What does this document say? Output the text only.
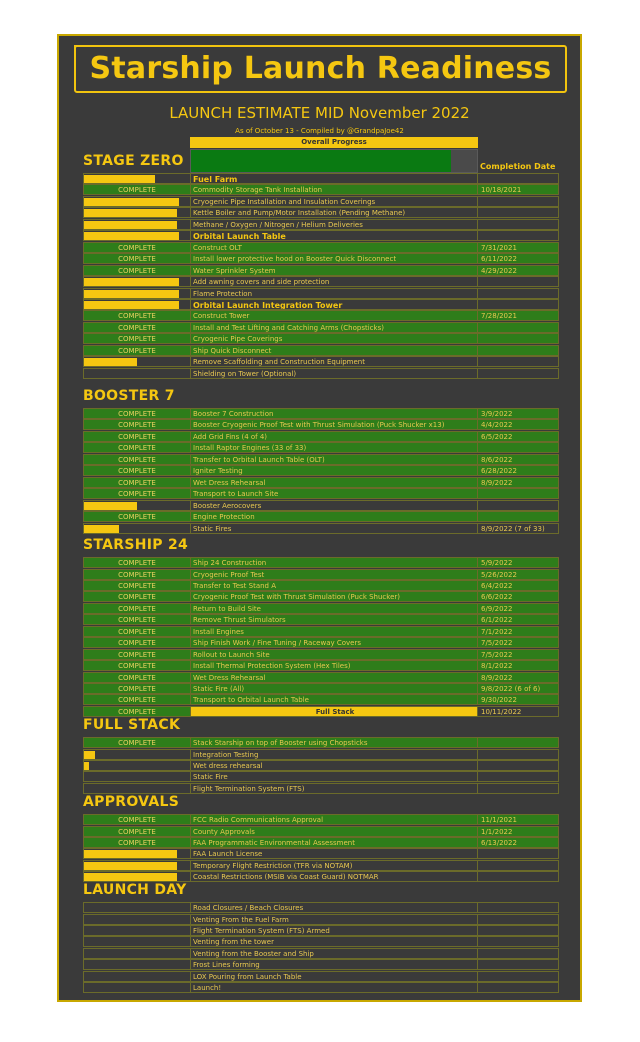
Starship Launch Readiness
LAUNCH ESTIMATE MID November 2022
As of October 13 - Compiled by @GrandpaJoe42
Overall Progress
Completion Date
STAGE ZERO
Fuel Farm
COMPLETE	Commodity Storage Tank Installation	10/18/2021
Cryogenic Pipe Installation and Insulation Coverings
Kettle Boiler and Pump/Motor Installation (Pending Methane)
Methane / Oxygen / Nitrogen / Helium Deliveries
Orbital Launch Table
COMPLETE	Construct OLT	7/31/2021
COMPLETE	Install lower protective hood on Booster Quick Disconnect	6/11/2022
COMPLETE	Water Sprinkler System	4/29/2022
Add awning covers and side protection
Flame Protection
Orbital Launch Integration Tower
COMPLETE	Construct Tower	7/28/2021
COMPLETE	Install and Test Lifting and Catching Arms (Chopsticks)
COMPLETE	Cryogenic Pipe Coverings
COMPLETE	Ship Quick Disconnect
Remove Scaffolding and Construction Equipment
Shielding on Tower (Optional)
BOOSTER 7
COMPLETE	Booster 7 Construction	3/9/2022
COMPLETE	Booster Cryogenic Proof Test with Thrust Simulation (Puck Shucker x13)	4/4/2022
COMPLETE	Add Grid Fins (4 of 4)	6/5/2022
COMPLETE	Install Raptor Engines (33 of 33)
COMPLETE	Transfer to Orbital Launch Table (OLT)	8/6/2022
COMPLETE	Igniter Testing	6/28/2022
COMPLETE	Wet Dress Rehearsal	8/9/2022
COMPLETE	Transport to Launch Site
Booster Aerocovers
COMPLETE	Engine Protection
Static Fires	8/9/2022 (7 of 33)
STARSHIP 24
COMPLETE	Ship 24 Construction	5/9/2022
COMPLETE	Cryogenic Proof Test	5/26/2022
COMPLETE	Transfer to Test Stand A	6/4/2022
COMPLETE	Cryogenic Proof Test with Thrust Simulation (Puck Shucker)	6/6/2022
COMPLETE	Return to Build Site	6/9/2022
COMPLETE	Remove Thrust Simulators	6/1/2022
COMPLETE	Install Engines	7/1/2022
COMPLETE	Ship Finish Work / Fine Tuning / Raceway Covers	7/5/2022
COMPLETE	Rollout to Launch Site	7/5/2022
COMPLETE	Install Thermal Protection System (Hex Tiles)	8/1/2022
COMPLETE	Wet Dress Rehearsal	8/9/2022
COMPLETE	Static Fire (All)	9/8/2022 (6 of 6)
COMPLETE	Transport to Orbital Launch Table	9/30/2022
COMPLETE	Full Stack	10/11/2022
FULL STACK
COMPLETE	Stack Starship on top of Booster using Chopsticks
Integration Testing
Wet dress rehearsal
Static Fire
Flight Termination System (FTS)
APPROVALS
COMPLETE	FCC Radio Communications Approval	11/1/2021
COMPLETE	County Approvals	1/1/2022
COMPLETE	FAA Programmatic Environmental Assessment	6/13/2022
FAA Launch License
Temporary Flight Restriction (TFR via NOTAM)
Coastal Restrictions (MSIB via Coast Guard) NOTMAR
LAUNCH DAY
Road Closures / Beach Closures
Venting From the Fuel Farm
Flight Termination System (FTS) Armed
Venting from the tower
Venting from the Booster and Ship
Frost Lines forming
LOX Pouring from Launch Table
Launch!
